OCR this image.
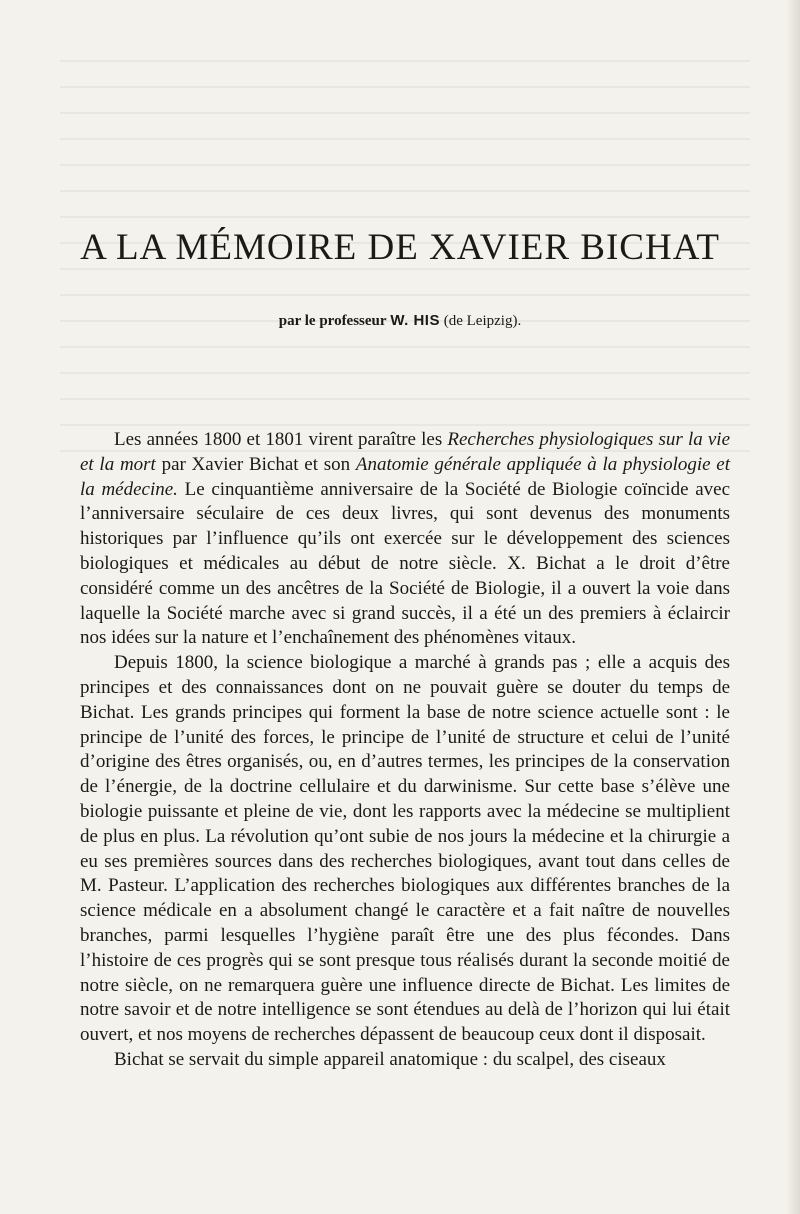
A LA MÉMOIRE DE XAVIER BICHAT

par le professeur W. HIS (de Leipzig).

Les années 1800 et 1801 virent paraître les Recherches physiologiques sur la vie et la mort par Xavier Bichat et son Anatomie générale appliquée à la physiologie et la médecine. Le cinquantième anniversaire de la Société de Biologie coïncide avec l’anniversaire séculaire de ces deux livres, qui sont devenus des monuments historiques par l’influence qu’ils ont exercée sur le développement des sciences biologiques et médicales au début de notre siècle. X. Bichat a le droit d’être considéré comme un des ancêtres de la Société de Biologie, il a ouvert la voie dans laquelle la Société marche avec si grand succès, il a été un des premiers à éclaircir nos idées sur la nature et l’enchaînement des phénomènes vitaux.

Depuis 1800, la science biologique a marché à grands pas ; elle a acquis des principes et des connaissances dont on ne pouvait guère se douter du temps de Bichat. Les grands principes qui forment la base de notre science actuelle sont : le principe de l’unité des forces, le principe de l’unité de structure et celui de l’unité d’origine des êtres organisés, ou, en d’autres termes, les principes de la conservation de l’énergie, de la doctrine cellulaire et du darwinisme. Sur cette base s’élève une biologie puissante et pleine de vie, dont les rapports avec la médecine se multiplient de plus en plus. La révolution qu’ont subie de nos jours la médecine et la chirurgie a eu ses premières sources dans des recherches biologiques, avant tout dans celles de M. Pasteur. L’application des recherches biologiques aux différentes branches de la science médicale en a absolument changé le caractère et a fait naître de nouvelles branches, parmi lesquelles l’hygiène paraît être une des plus fécondes. Dans l’histoire de ces progrès qui se sont presque tous réalisés durant la seconde moitié de notre siècle, on ne remarquera guère une influence directe de Bichat. Les limites de notre savoir et de notre intelligence se sont étendues au delà de l’horizon qui lui était ouvert, et nos moyens de recherches dépassent de beaucoup ceux dont il disposait.

Bichat se servait du simple appareil anatomique : du scalpel, des ciseaux
